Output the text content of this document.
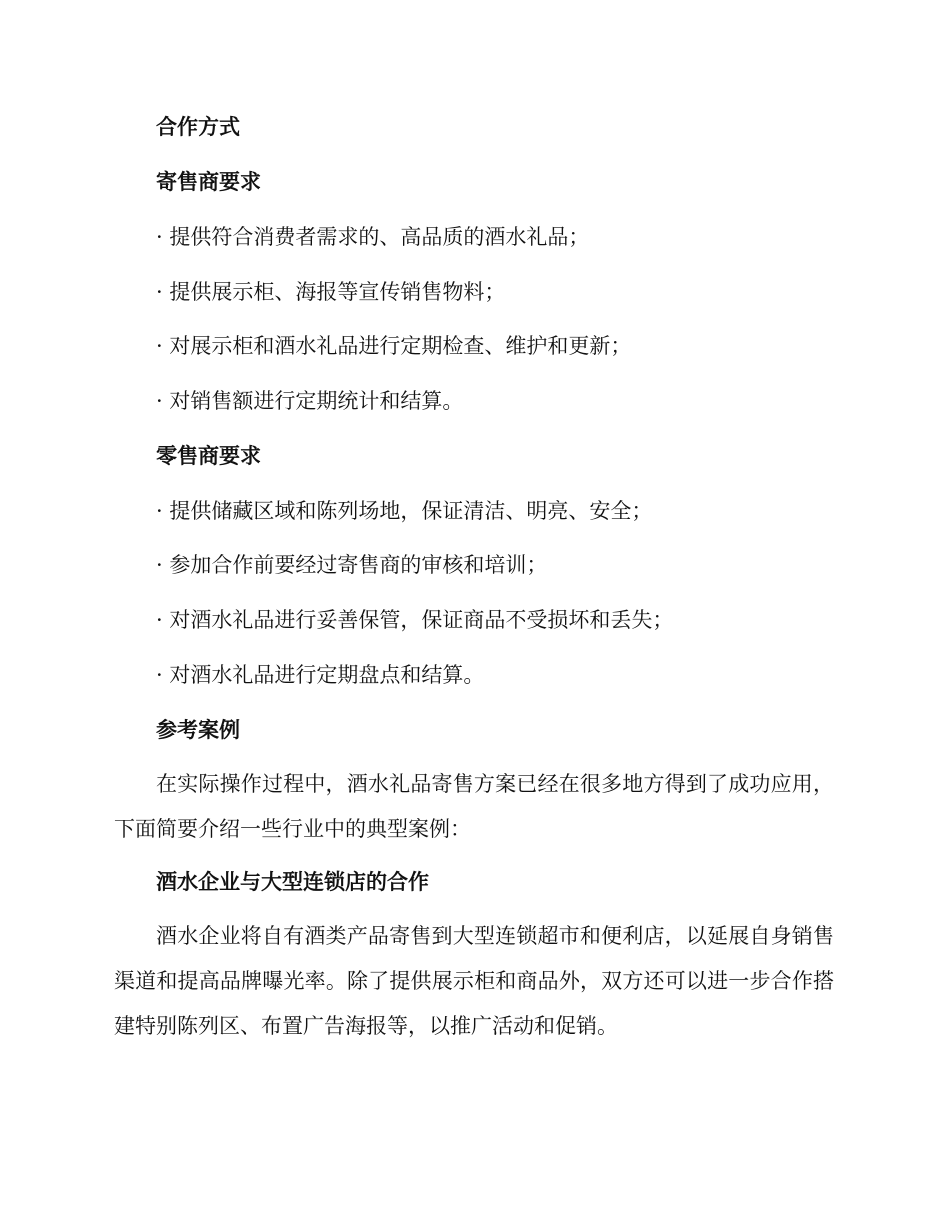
合作方式
寄售商要求
· 提供符合消费者需求的、高品质的酒水礼品；
· 提供展示柜、海报等宣传销售物料；
· 对展示柜和酒水礼品进行定期检查、维护和更新；
· 对销售额进行定期统计和结算。
零售商要求
· 提供储藏区域和陈列场地，保证清洁、明亮、安全；
· 参加合作前要经过寄售商的审核和培训；
· 对酒水礼品进行妥善保管，保证商品不受损坏和丢失；
· 对酒水礼品进行定期盘点和结算。
参考案例
在实际操作过程中，酒水礼品寄售方案已经在很多地方得到了成功应用，下面简要介绍一些行业中的典型案例：
酒水企业与大型连锁店的合作
酒水企业将自有酒类产品寄售到大型连锁超市和便利店，以延展自身销售渠道和提高品牌曝光率。除了提供展示柜和商品外，双方还可以进一步合作搭建特别陈列区、布置广告海报等，以推广活动和促销。
